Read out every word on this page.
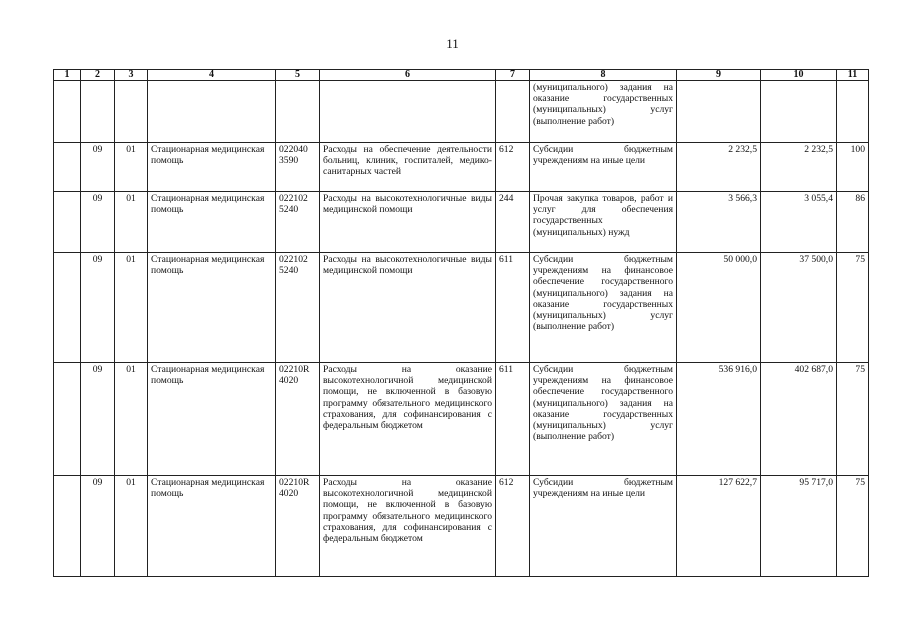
11
1	2	3	4	5	6	7	8	9	10	11
							(муниципального) задания на оказание государственных (муниципальных) услуг (выполнение работ)			
	09	01	Стационарная медицинская помощь	022040 3590	Расходы на обеспечение деятельности больниц, клиник, госпиталей, медико-санитарных частей	612	Субсидии бюджетным учреждениям на иные цели	2 232,5	2 232,5	100
	09	01	Стационарная медицинская помощь	022102 5240	Расходы на высокотехнологичные виды медицинской помощи	244	Прочая закупка товаров, работ и услуг для обеспечения государственных (муниципальных) нужд	3 566,3	3 055,4	86
	09	01	Стационарная медицинская помощь	022102 5240	Расходы на высокотехнологичные виды медицинской помощи	611	Субсидии бюджетным учреждениям на финансовое обеспечение государственного (муниципального) задания на оказание государственных (муниципальных) услуг (выполнение работ)	50 000,0	37 500,0	75
	09	01	Стационарная медицинская помощь	02210R 4020	Расходы на оказание высокотехнологичной медицинской помощи, не включенной в базовую программу обязательного медицинского страхования, для софинансирования с федеральным бюджетом	611	Субсидии бюджетным учреждениям на финансовое обеспечение государственного (муниципального) задания на оказание государственных (муниципальных) услуг (выполнение работ)	536 916,0	402 687,0	75
	09	01	Стационарная медицинская помощь	02210R 4020	Расходы на оказание высокотехнологичной медицинской помощи, не включенной в базовую программу обязательного медицинского страхования, для софинансирования с федеральным бюджетом	612	Субсидии бюджетным учреждениям на иные цели	127 622,7	95 717,0	75
